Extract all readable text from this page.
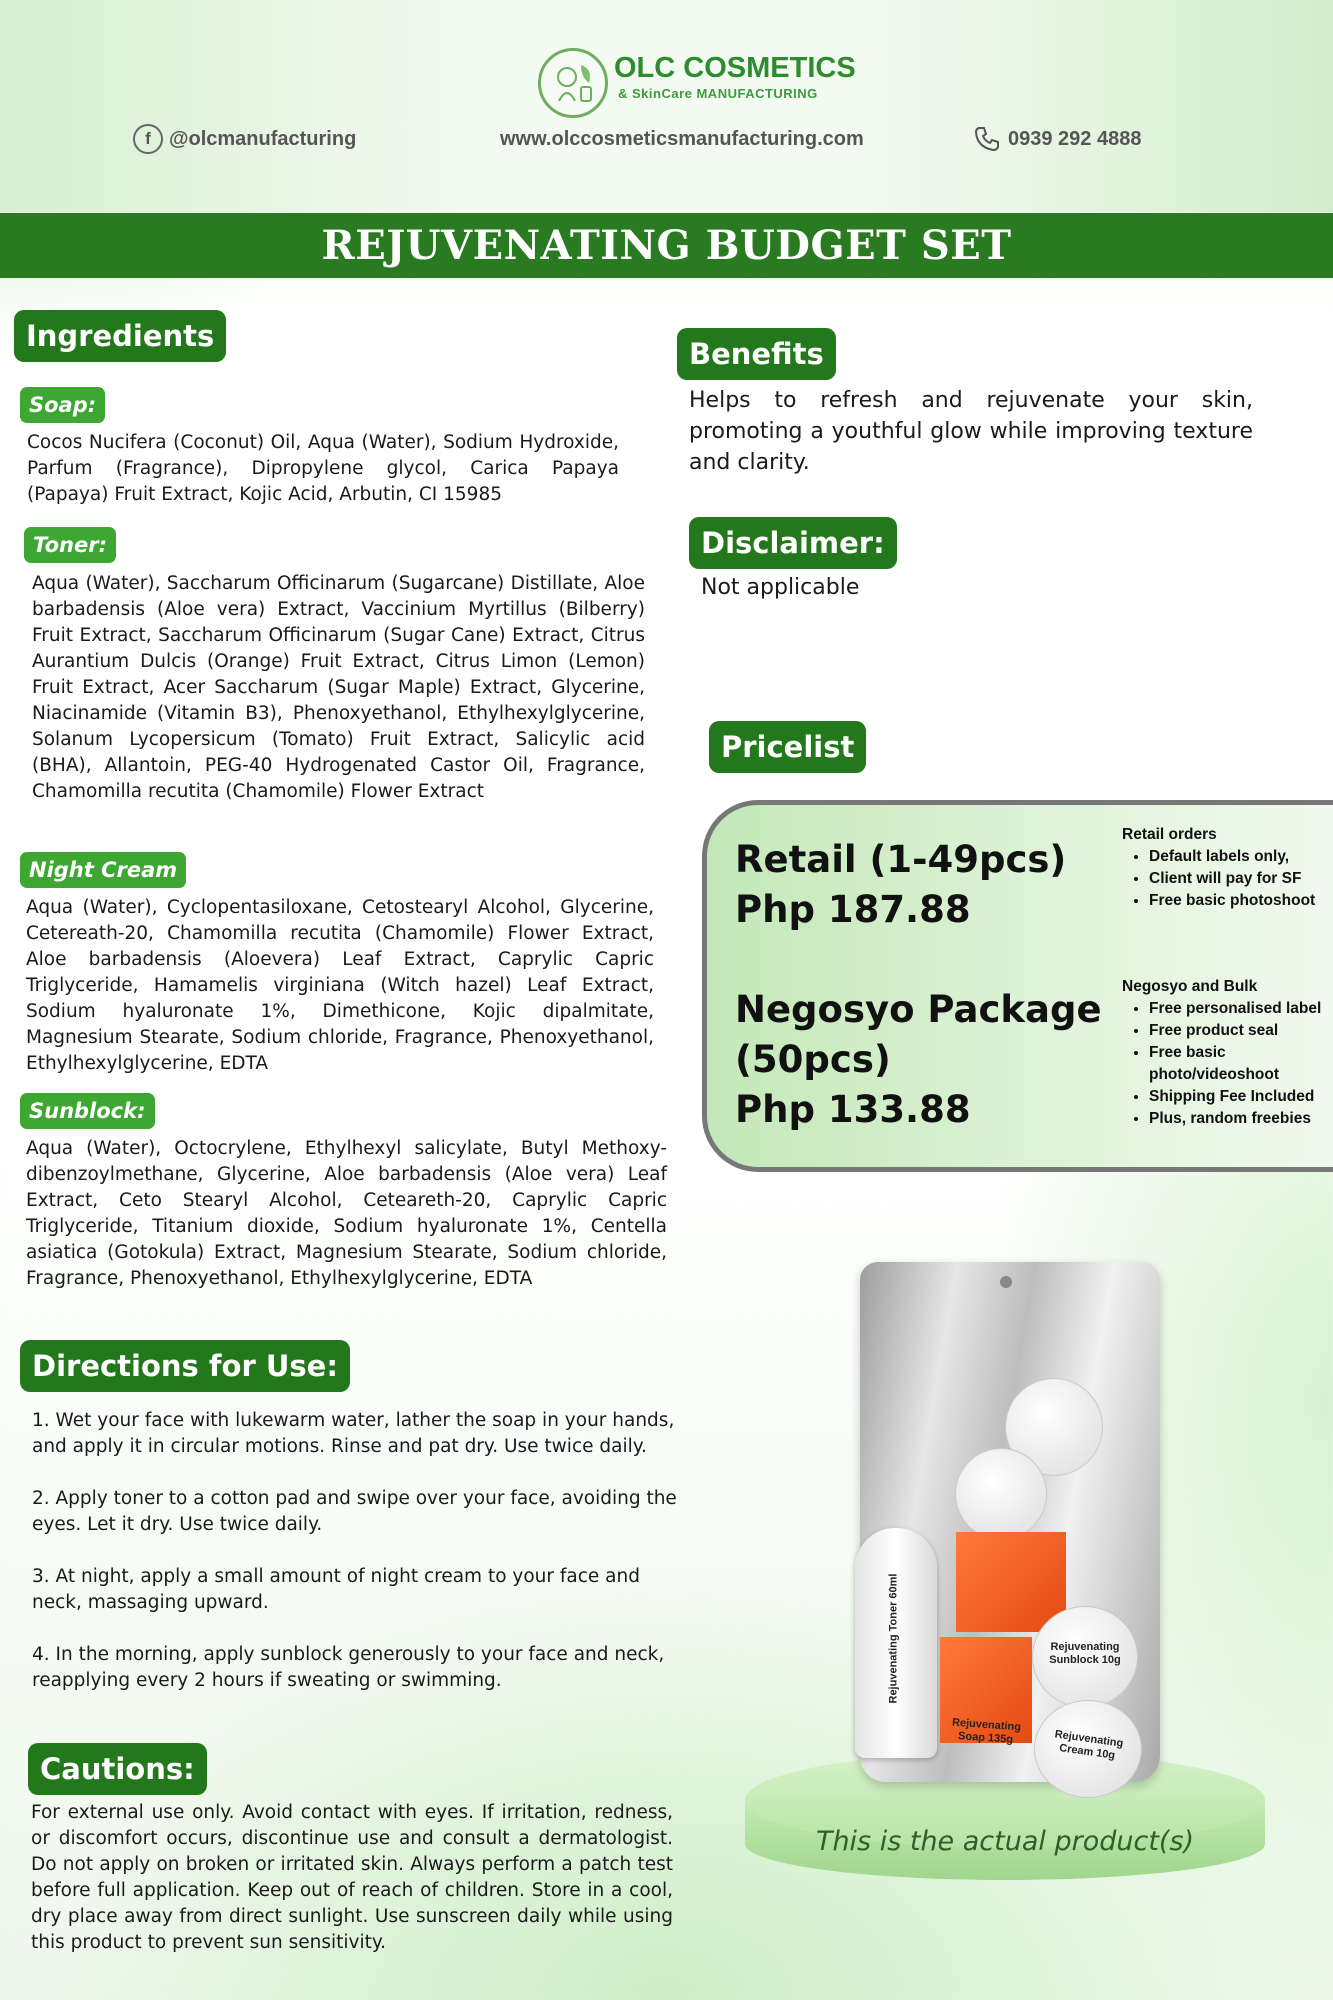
OLC COSMETICS
& SkinCare MANUFACTURING
f @olcmanufacturing	www.olccosmeticsmanufacturing.com	0939 292 4888
REJUVENATING BUDGET SET
Ingredients
Soap:
Cocos Nucifera (Coconut) Oil, Aqua (Water), Sodium Hydroxide, Parfum (Fragrance), Dipropylene glycol, Carica Papaya (Papaya) Fruit Extract, Kojic Acid, Arbutin, CI 15985
Toner:
Aqua (Water), Saccharum Officinarum (Sugarcane) Distillate, Aloe barbadensis (Aloe vera) Extract, Vaccinium Myrtillus (Bilberry) Fruit Extract, Saccharum Officinarum (Sugar Cane) Extract, Citrus Aurantium Dulcis (Orange) Fruit Extract, Citrus Limon (Lemon) Fruit Extract, Acer Saccharum (Sugar Maple) Extract, Glycerine, Niacinamide (Vitamin B3), Phenoxyethanol, Ethylhexylglycerine, Solanum Lycopersicum (Tomato) Fruit Extract, Salicylic acid (BHA), Allantoin, PEG-40 Hydrogenated Castor Oil, Fragrance, Chamomilla recutita (Chamomile) Flower Extract
Night Cream
Aqua (Water), Cyclopentasiloxane, Cetostearyl Alcohol, Glycerine, Cetereath-20, Chamomilla recutita (Chamomile) Flower Extract, Aloe barbadensis (Aloevera) Leaf Extract, Caprylic Capric Triglyceride, Hamamelis virginiana (Witch hazel) Leaf Extract, Sodium hyaluronate 1%, Dimethicone, Kojic dipalmitate, Magnesium Stearate, Sodium chloride, Fragrance, Phenoxyethanol, Ethylhexylglycerine, EDTA
Sunblock:
Aqua (Water), Octocrylene, Ethylhexyl salicylate, Butyl Methoxy-dibenzoylmethane, Glycerine, Aloe barbadensis (Aloe vera) Leaf Extract, Ceto Stearyl Alcohol, Ceteareth-20, Caprylic Capric Triglyceride, Titanium dioxide, Sodium hyaluronate 1%, Centella asiatica (Gotokula) Extract, Magnesium Stearate, Sodium chloride, Fragrance, Phenoxyethanol, Ethylhexylglycerine, EDTA
Benefits
Helps to refresh and rejuvenate your skin, promoting a youthful glow while improving texture and clarity.
Disclaimer:
Not applicable
Pricelist
Retail (1-49pcs)
Php 187.88
Negosyo Package
(50pcs)
Php 133.88
Retail orders
• Default labels only,
• Client will pay for SF
• Free basic photoshoot
Negosyo and Bulk
• Free personalised label
• Free product seal
• Free basic photo/videoshoot
• Shipping Fee Included
• Plus, random freebies
Directions for Use:
1. Wet your face with lukewarm water, lather the soap in your hands, and apply it in circular motions. Rinse and pat dry. Use twice daily.
2. Apply toner to a cotton pad and swipe over your face, avoiding the eyes. Let it dry. Use twice daily.
3. At night, apply a small amount of night cream to your face and neck, massaging upward.
4. In the morning, apply sunblock generously to your face and neck, reapplying every 2 hours if sweating or swimming.
Cautions:
For external use only. Avoid contact with eyes. If irritation, redness, or discomfort occurs, discontinue use and consult a dermatologist. Do not apply on broken or irritated skin. Always perform a patch test before full application. Keep out of reach of children. Store in a cool, dry place away from direct sunlight. Use sunscreen daily while using this product to prevent sun sensitivity.
Rejuvenating Toner 60ml
Rejuvenating Soap 135g
Rejuvenating Sunblock 10g
Rejuvenating Cream 10g
This is the actual product(s)
